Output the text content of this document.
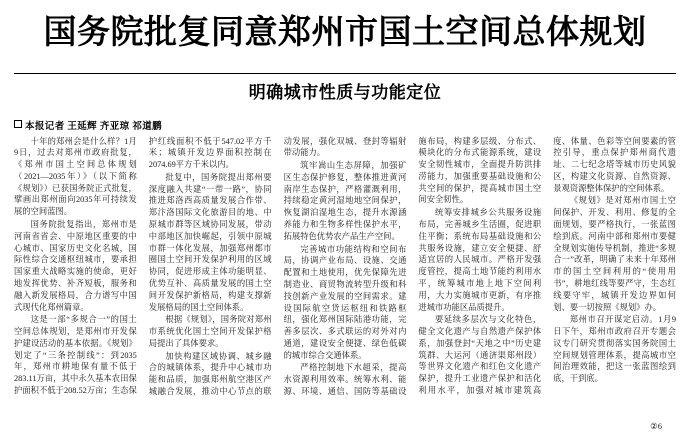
国务院批复同意郑州市国土空间总体规划
明确城市性质与功能定位
本报记者 王延辉 齐亚琼 祁道鹏

十年的郑州会是什么样？1月9日，过去对郑州市政府批复，《郑州市国土空间总体规划（2021—2035年）》（以下简称《规划》）已获国务院正式批复，擘画出郑州面向2035年可持续发展的空间蓝图。

国务院批复指出，郑州市是河南省省会、中原地区重要的中心城市、国家历史文化名城，国际性综合交通枢纽城市，要承担国家重大战略实施的使命，更好地发挥优势、补齐短板，服务和融入新发展格局，合力谱写中国式现代化郑州篇章。

这是一部“多规合一”的国土空间总体规划，是郑州市开发保护建设活动的基本依据。《规划》划定了“三条控制线”：到2035年，郑州市耕地保有量不低于283.11万亩，其中永久基本农田保护面积不低于208.52万亩；生态保护红线面积不低于547.02平方千米；城镇开发边界面积控制在2074.69平方千米以内。

批复中，国务院提出郑州要深度融入共建“一带一路”，协同推进郑洛西高质量发展合作带、郑汴洛国际文化旅游目的地、中原城市群等区域协同发展，带动中部地区加快崛起，引领中原城市群一体化发展，加强郑州都市圈国土空间开发保护利用的区域协同，促进形成主体功能明显、优势互补、高质量发展的国土空间开发保护新格局，构建支撑新发展格局的国土空间体系。

根据《规划》，国务院对郑州市系统优化国土空间开发保护格局提出了具体要求。

加快构建区域协调、城乡融合的城镇体系，提升中心城市功能和品质，加强郑州航空港区产城融合发展，推动中心节点的联动发展，强化双城、登封等辐射带动能力。

筑牢嵩山生态屏障，加强矿区生态保护修复，整体推进黄河南岸生态保护，严格灌溉利用，持续稳定黄河湿地地空间保护，恢复湖泊湿地生态，提升水源涵养能力和生物多样性保护水平，拓展特色优势农产品生产空间。

完善城市功能结构和空间布局，协调产业布局、设施、交通配置和土地使用，优先保障先进制造业、商贸物流转型升级和科技创新产业发展的空间需求。建设国际航空货运枢纽和铁路枢纽，强化郑州国际陆港功能，完善多层次、多式联运的对外对内通道，建设安全便捷、绿色低碳的城市综合交通体系。

严格控制地下水超采，提高水资源利用效率。统筹水利、能源、环境、通信、国防等基础设施布局，构建多层级、分布式、模块化的分布式能源系统，建设安全韧性城市，全面提升防洪排涝能力，加强重要基础设施和公共空间的保护，提高城市国土空间安全韧性。

统筹安排城乡公共服务设施布局，完善城乡生活圈，促进职住平衡；系统布局基础设施和公共服务设施，建立安全便捷、舒适宜居的人民城市。严格开发强度管控，提高土地节能约利用水平，统筹城市地上地下空间利用，大力实施城市更新，有序推进城市功能区品质提升。

要延续多层次与文化特色，健全文化遗产与自然遗产保护体系，加强登封“天地之中”历史建筑群、大运河（通济渠郑州段）等世界文化遗产和红色文化遗产保护，提升工业遗产保护和活化利用水平，加强对城市建筑高度、体量、色彩等空间要素的管控引导，重点保护郑州商代遗址、二七纪念塔等城市历史风貌区，构建文化资源、自然资源、景观资源整体保护的空间体系。

《规划》是对郑州市国土空间保护、开发、利用、修复的全面规划，要严格执行，一张蓝图绘到底。河南中部和郑州市要健全规划实施传导机制，推进“多规合一”改革，明确了未来十年郑州市的国土空间利用的“使用用书”，耕地红线等要严守，生态红线要守牢，城镇开发边界如何划、要一切按照《规划》办。

郑州市召开谋定启动。1月9日下午，郑州市政府召开专题会议专门研究贯彻落实国务院国土空间规划管理体系，提高城市空间治理效能，把这一张蓝图绘到底，干到底。

②6
